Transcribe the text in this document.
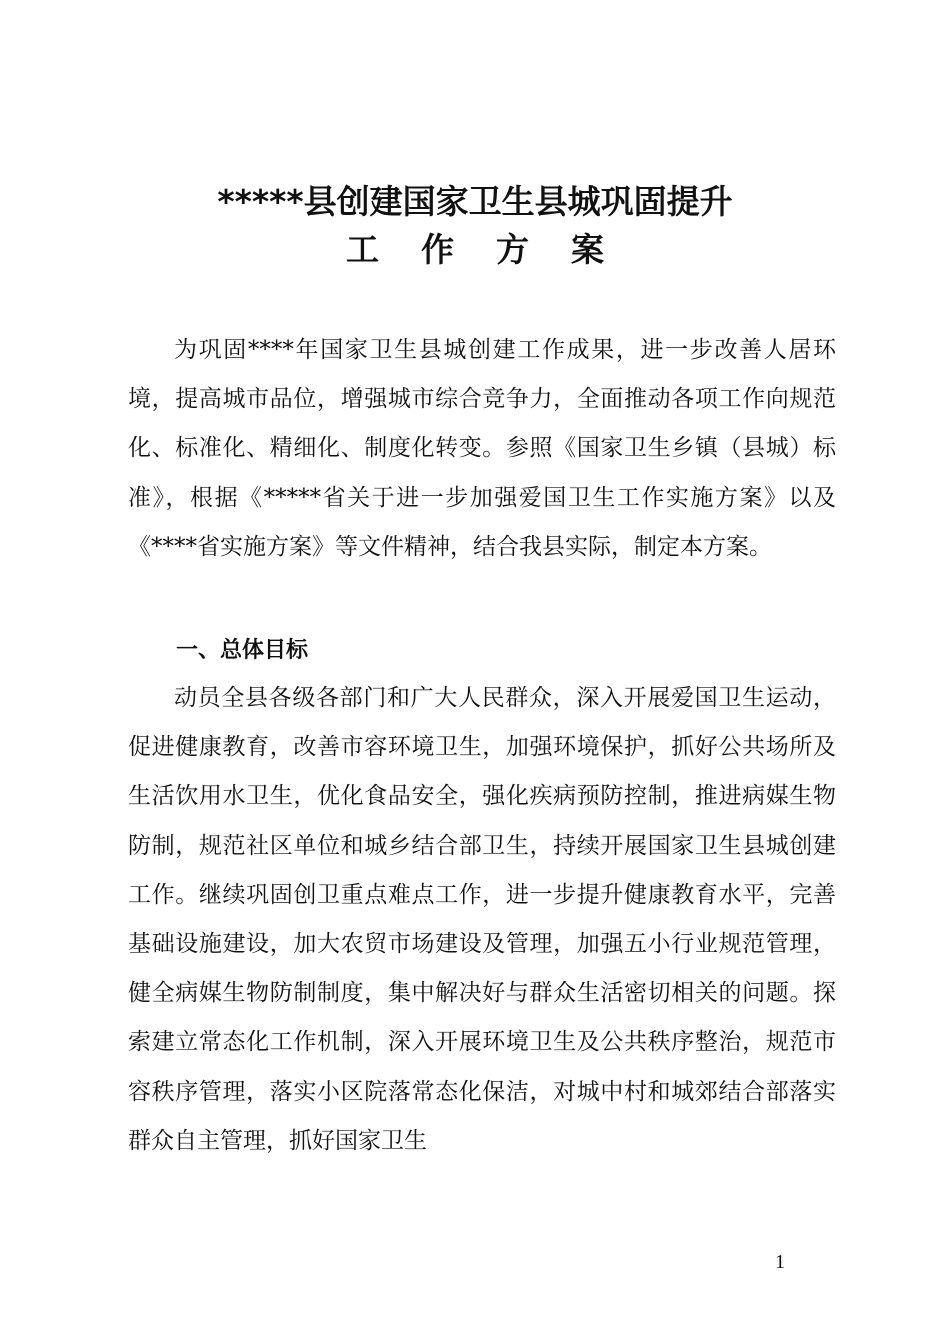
*****县创建国家卫生县城巩固提升
工作方案

为巩固****年国家卫生县城创建工作成果，进一步改善人居环境，提高城市品位，增强城市综合竞争力，全面推动各项工作向规范化、标准化、精细化、制度化转变。参照《国家卫生乡镇（县城）标准》，根据《*****省关于进一步加强爱国卫生工作实施方案》以及《****省实施方案》等文件精神，结合我县实际，制定本方案。

一、总体目标

动员全县各级各部门和广大人民群众，深入开展爱国卫生运动，促进健康教育，改善市容环境卫生，加强环境保护，抓好公共场所及生活饮用水卫生，优化食品安全，强化疾病预防控制，推进病媒生物防制，规范社区单位和城乡结合部卫生，持续开展国家卫生县城创建工作。继续巩固创卫重点难点工作，进一步提升健康教育水平，完善基础设施建设，加大农贸市场建设及管理，加强五小行业规范管理，健全病媒生物防制制度，集中解决好与群众生活密切相关的问题。探索建立常态化工作机制，深入开展环境卫生及公共秩序整治，规范市容秩序管理，落实小区院落常态化保洁，对城中村和城郊结合部落实群众自主管理，抓好国家卫生

1
